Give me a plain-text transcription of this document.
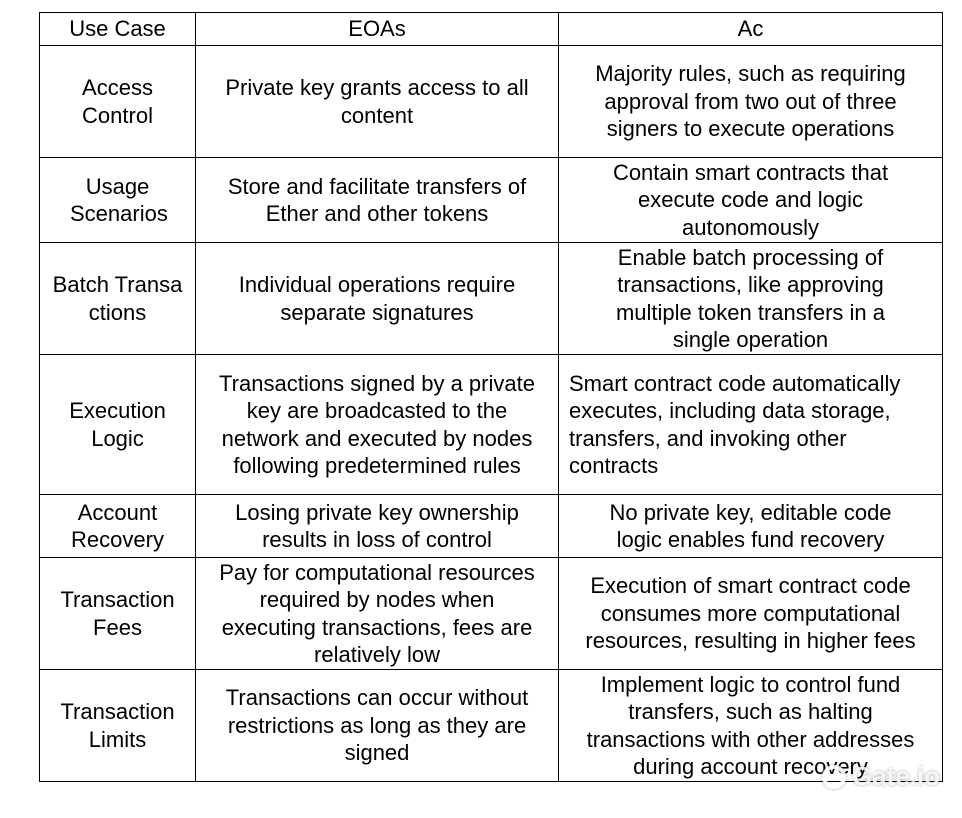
Use Case	EOAs	Ac

Access Control	Private key grants access to all content	Majority rules, such as requiring approval from two out of three signers to execute operations

Usage Scenarios	Store and facilitate transfers of Ether and other tokens	Contain smart contracts that execute code and logic autonomously

Batch Transactions	Individual operations require separate signatures	Enable batch processing of transactions, like approving multiple token transfers in a single operation

Execution Logic	Transactions signed by a private key are broadcasted to the network and executed by nodes following predetermined rules	Smart contract code automatically executes, including data storage, transfers, and invoking other contracts

Account Recovery	Losing private key ownership results in loss of control	No private key, editable code logic enables fund recovery

Transaction Fees	Pay for computational resources required by nodes when executing transactions, fees are relatively low	Execution of smart contract code consumes more computational resources, resulting in higher fees

Transaction Limits	Transactions can occur without restrictions as long as they are signed	Implement logic to control fund transfers, such as halting transactions with other addresses during account recovery
Gate.io
